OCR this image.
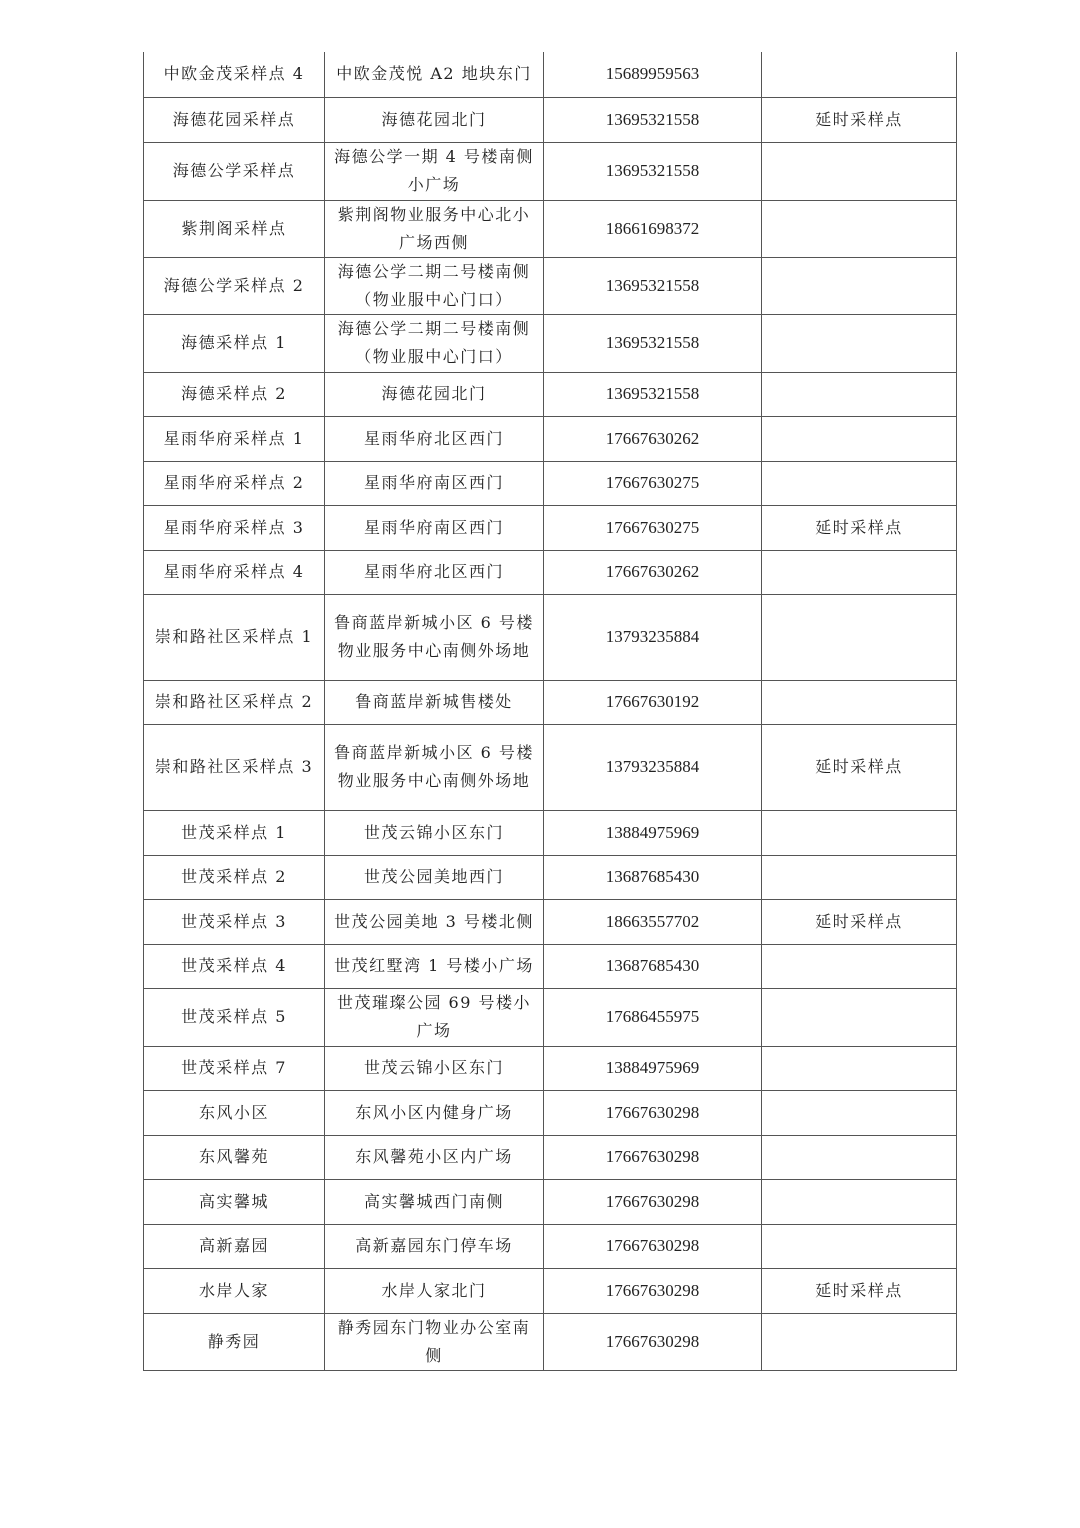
中欧金茂采样点 4	中欧金茂悦 A2 地块东门	15689959563	
海德花园采样点	海德花园北门	13695321558	延时采样点
海德公学采样点	海德公学一期 4 号楼南侧小广场	13695321558	
紫荆阁采样点	紫荆阁物业服务中心北小广场西侧	18661698372	
海德公学采样点 2	海德公学二期二号楼南侧（物业服中心门口）	13695321558	
海德采样点 1	海德公学二期二号楼南侧（物业服中心门口）	13695321558	
海德采样点 2	海德花园北门	13695321558	
星雨华府采样点 1	星雨华府北区西门	17667630262	
星雨华府采样点 2	星雨华府南区西门	17667630275	
星雨华府采样点 3	星雨华府南区西门	17667630275	延时采样点
星雨华府采样点 4	星雨华府北区西门	17667630262	
崇和路社区采样点 1	鲁商蓝岸新城小区 6 号楼物业服务中心南侧外场地	13793235884	
崇和路社区采样点 2	鲁商蓝岸新城售楼处	17667630192	
崇和路社区采样点 3	鲁商蓝岸新城小区 6 号楼物业服务中心南侧外场地	13793235884	延时采样点
世茂采样点 1	世茂云锦小区东门	13884975969	
世茂采样点 2	世茂公园美地西门	13687685430	
世茂采样点 3	世茂公园美地 3 号楼北侧	18663557702	延时采样点
世茂采样点 4	世茂红墅湾 1 号楼小广场	13687685430	
世茂采样点 5	世茂璀璨公园 69 号楼小广场	17686455975	
世茂采样点 7	世茂云锦小区东门	13884975969	
东风小区	东风小区内健身广场	17667630298	
东风馨苑	东风馨苑小区内广场	17667630298	
高实馨城	高实馨城西门南侧	17667630298	
高新嘉园	高新嘉园东门停车场	17667630298	
水岸人家	水岸人家北门	17667630298	延时采样点
静秀园	静秀园东门物业办公室南侧	17667630298	
